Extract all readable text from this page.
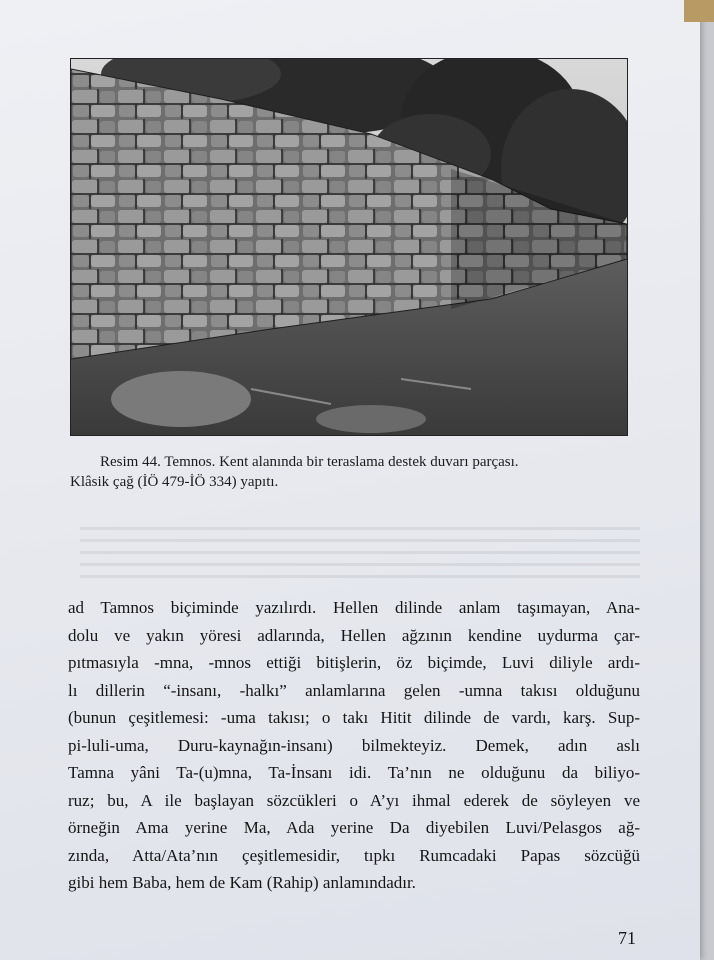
Resim 44. Temnos. Kent alanında bir teraslama destek duvarı parçası.
Klâsik çağ (İÖ 479-İÖ 334) yapıtı.
ad Tamnos biçiminde yazılırdı. Hellen dilinde anlam taşımayan, Ana-
dolu ve yakın yöresi adlarında, Hellen ağzının kendine uydurma çar-
pıtmasıyla -mna, -mnos ettiği bitişlerin, öz biçimde, Luvi diliyle ardı-
lı dillerin “-insanı, -halkı” anlamlarına gelen -umna takısı olduğunu
(bunun çeşitlemesi: -uma takısı; o takı Hitit dilinde de vardı, karş. Sup-
pi-luli-uma, Duru-kaynağın-insanı) bilmekteyiz. Demek, adın aslı
Tamna yâni Ta-(u)mna, Ta-İnsanı idi. Ta’nın ne olduğunu da biliyo-
ruz; bu, A ile başlayan sözcükleri o A’yı ihmal ederek de söyleyen ve
örneğin Ama yerine Ma, Ada yerine Da diyebilen Luvi/Pelasgos ağ-
zında, Atta/Ata’nın çeşitlemesidir, tıpkı Rumcadaki Papas sözcüğü
gibi hem Baba, hem de Kam (Rahip) anlamındadır.
71
